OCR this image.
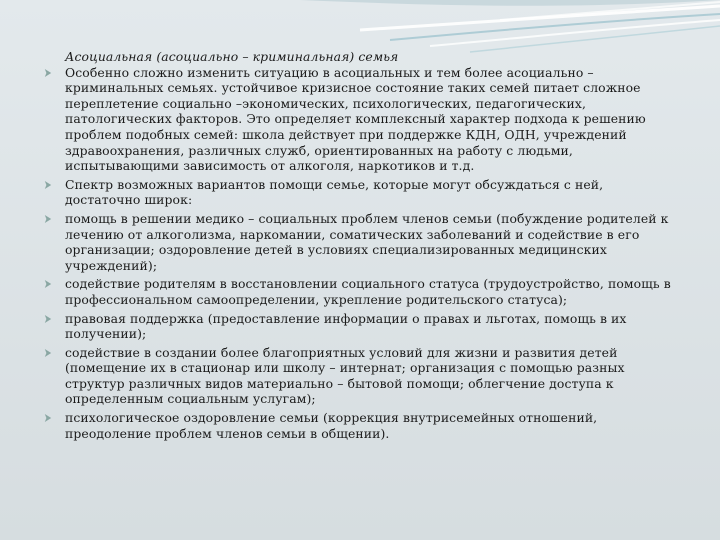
Асоциальная (асоциально – криминальная) семья
Особенно сложно изменить ситуацию в асоциальных и тем более асоциально –криминальных семьях. устойчивое кризисное состояние таких семей питает сложное переплетение социально –экономических, психологических, педагогических, патологических факторов. Это определяет комплексный характер подхода к решению проблем подобных семей: школа действует при поддержке КДН, ОДН, учреждений здравоохранения, различных служб, ориентированных на работу с людьми, испытывающими зависимость от алкоголя, наркотиков и т.д.
Спектр возможных вариантов помощи семье, которые могут обсуждаться с ней, достаточно широк:
помощь в решении медико – социальных проблем членов семьи (побуждение родителей к лечению от алкоголизма, наркомании, соматических заболеваний и содействие в его организации; оздоровление детей в условиях специализированных медицинских учреждений);
содействие родителям в восстановлении социального статуса (трудоустройство, помощь в профессиональном самоопределении, укрепление родительского статуса);
правовая поддержка (предоставление информации о правах и льготах, помощь в их получении);
содействие в создании более благоприятных условий для жизни и развития детей (помещение их в стационар или школу – интернат; организация с помощью разных структур различных видов материально – бытовой помощи; облегчение доступа к определенным социальным услугам);
психологическое оздоровление семьи (коррекция внутрисемейных отношений, преодоление проблем членов семьи в общении).
